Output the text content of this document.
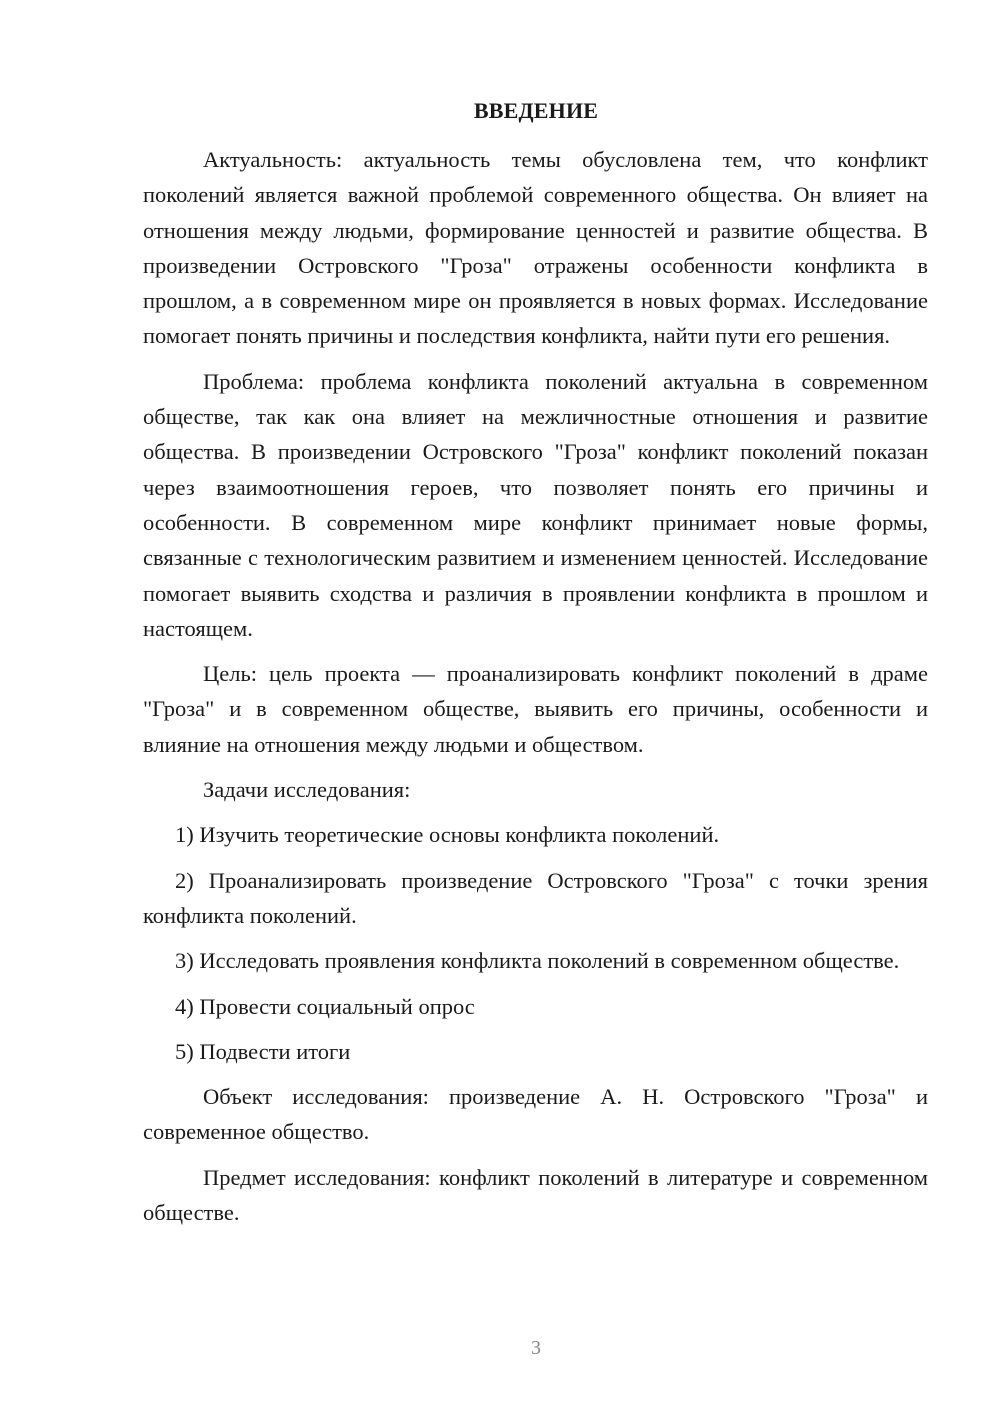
ВВЕДЕНИЕ

Актуальность: актуальность темы обусловлена тем, что конфликт поколений является важной проблемой современного общества. Он влияет на отношения между людьми, формирование ценностей и развитие общества. В произведении Островского "Гроза" отражены особенности конфликта в прошлом, а в современном мире он проявляется в новых формах. Исследование помогает понять причины и последствия конфликта, найти пути его решения.

Проблема: проблема конфликта поколений актуальна в современном обществе, так как она влияет на межличностные отношения и развитие общества. В произведении Островского "Гроза" конфликт поколений показан через взаимоотношения героев, что позволяет понять его причины и особенности. В современном мире конфликт принимает новые формы, связанные с технологическим развитием и изменением ценностей. Исследование помогает выявить сходства и различия в проявлении конфликта в прошлом и настоящем.

Цель: цель проекта — проанализировать конфликт поколений в драме "Гроза" и в современном обществе, выявить его причины, особенности и влияние на отношения между людьми и обществом.

Задачи исследования:

1) Изучить теоретические основы конфликта поколений.

2) Проанализировать произведение Островского "Гроза" с точки зрения конфликта поколений.

3) Исследовать проявления конфликта поколений в современном обществе.

4) Провести социальный опрос

5) Подвести итоги

Объект исследования: произведение А. Н. Островского "Гроза" и современное общество.

Предмет исследования: конфликт поколений в литературе и современном обществе.

3
